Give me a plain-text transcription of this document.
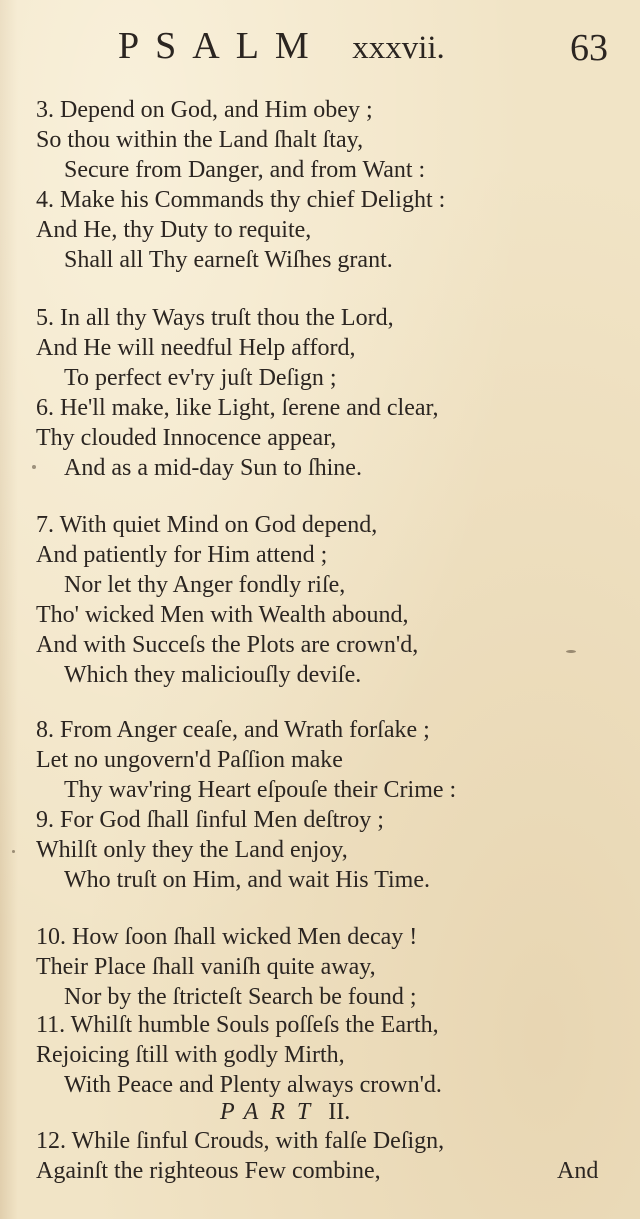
PSALM xxxvii.	63
3. Depend on God, and Him obey ;
So thou within the Land ſhalt ſtay,
Secure from Danger, and from Want :
4. Make his Commands thy chief Delight :
And He, thy Duty to requite,
Shall all Thy earneſt Wiſhes grant.
5. In all thy Ways truſt thou the Lord,
And He will needful Help afford,
To perfect ev'ry juſt Deſign ;
6. He'll make, like Light, ſerene and clear,
Thy clouded Innocence appear,
And as a mid-day Sun to ſhine.
7. With quiet Mind on God depend,
And patiently for Him attend ;
Nor let thy Anger fondly riſe,
Tho' wicked Men with Wealth abound,
And with Succeſs the Plots are crown'd,
Which they maliciouſly deviſe.
8. From Anger ceaſe, and Wrath forſake ;
Let no ungovern'd Paſſion make
Thy wav'ring Heart eſpouſe their Crime :
9. For God ſhall ſinful Men deſtroy ;
Whilſt only they the Land enjoy,
Who truſt on Him, and wait His Time.
10. How ſoon ſhall wicked Men decay !
Their Place ſhall vaniſh quite away,
Nor by the ſtricteſt Search be found ;
11. Whilſt humble Souls poſſeſs the Earth,
Rejoicing ſtill with godly Mirth,
With Peace and Plenty always crown'd.
PART II.
12. While ſinful Crouds, with falſe Deſign,
Againſt the righteous Few combine,	And
